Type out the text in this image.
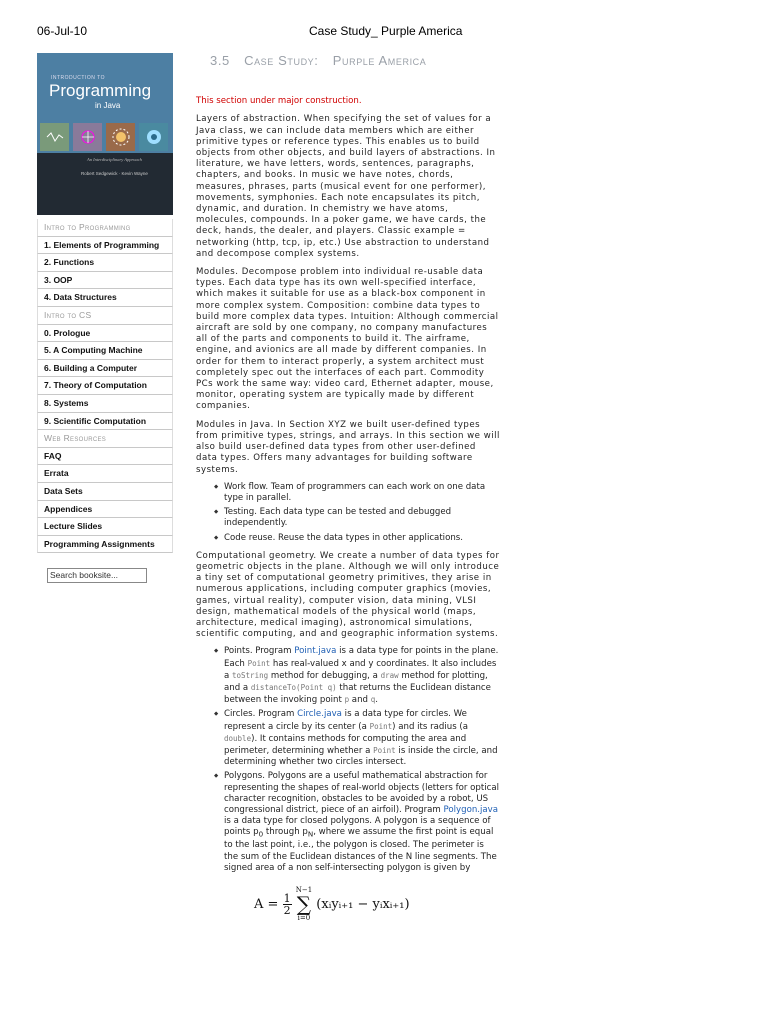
06-Jul-10	Case Study_ Purple America
INTRODUCTION TO
Programming
in Java
An Interdisciplinary Approach
Robert Sedgewick · Kevin Wayne
Intro to Programming
1. Elements of Programming
2. Functions
3. OOP
4. Data Structures
Intro to CS
0. Prologue
5. A Computing Machine
6. Building a Computer
7. Theory of Computation
8. Systems
9. Scientific Computation
Web Resources
FAQ
Errata
Data Sets
Appendices
Lecture Slides
Programming Assignments
Search booksite...
3.5 Case Study: Purple America
This section under major construction.

Layers of abstraction. When specifying the set of values for a Java class, we can include data members which are either primitive types or reference types. This enables us to build objects from other objects, and build layers of abstractions. In literature, we have letters, words, sentences, paragraphs, chapters, and books. In music we have notes, chords, measures, phrases, parts (musical event for one performer), movements, symphonies. Each note encapsulates its pitch, dynamic, and duration. In chemistry we have atoms, molecules, compounds. In a poker game, we have cards, the deck, hands, the dealer, and players. Classic example = networking (http, tcp, ip, etc.) Use abstraction to understand and decompose complex systems.

Modules. Decompose problem into individual re-usable data types. Each data type has its own well-specified interface, which makes it suitable for use as a black-box component in more complex system. Composition: combine data types to build more complex data types. Intuition: Although commercial aircraft are sold by one company, no company manufactures all of the parts and components to build it. The airframe, engine, and avionics are all made by different companies. In order for them to interact properly, a system architect must completely spec out the interfaces of each part. Commodity PCs work the same way: video card, Ethernet adapter, mouse, monitor, operating system are typically made by different companies.

Modules in Java. In Section XYZ we built user-defined types from primitive types, strings, and arrays. In this section we will also build user-defined data types from other user-defined data types. Offers many advantages for building software systems.

◆ Work flow. Team of programmers can each work on one data type in parallel.
◆ Testing. Each data type can be tested and debugged independently.
◆ Code reuse. Reuse the data types in other applications.

Computational geometry. We create a number of data types for geometric objects in the plane. Although we will only introduce a tiny set of computational geometry primitives, they arise in numerous applications, including computer graphics (movies, games, virtual reality), computer vision, data mining, VLSI design, mathematical models of the physical world (maps, architecture, medical imaging), astronomical simulations, scientific computing, and and geographic information systems.

◆ Points. Program Point.java is a data type for points in the plane. Each Point has real-valued x and y coordinates. It also includes a toString method for debugging, a draw method for plotting, and a distanceTo(Point q) that returns the Euclidean distance between the invoking point p and q.
◆ Circles. Program Circle.java is a data type for circles. We represent a circle by its center (a Point) and its radius (a double). It contains methods for computing the area and perimeter, determining whether a Point is inside the circle, and determining whether two circles intersect.
◆ Polygons. Polygons are a useful mathematical abstraction for representing the shapes of real-world objects (letters for optical character recognition, obstacles to be avoided by a robot, US congressional district, piece of an airfoil). Program Polygon.java is a data type for closed polygons. A polygon is a sequence of points $p_0$ through $p_N$, where we assume the first point is equal to the last point, i.e., the polygon is closed. The perimeter is the sum of the Euclidean distances of the N line segments. The signed area of a non self-intersecting polygon is given by
$A = \frac{1}{2} N-1$
∑
i=0 (xᵢyᵢ₊₁ − yᵢxᵢ₊₁)
